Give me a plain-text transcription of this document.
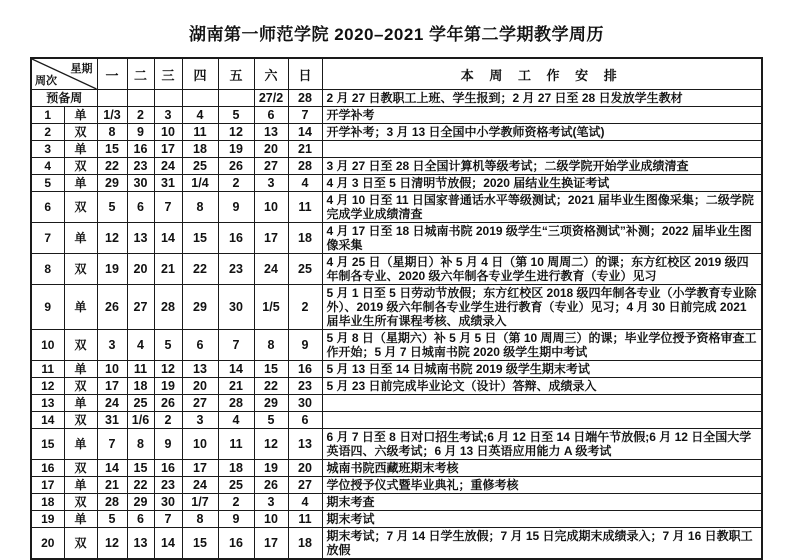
湖南第一师范学院 2020–2021 学年第二学期教学周历
星期
周次		一	二	三	四	五	六	日	本 周 工 作 安 排
预备周							27/2	28	2 月 27 日教职工上班、学生报到；2 月 27 日至 28 日发放学生教材
1	单	1/3	2	3	4	5	6	7	开学补考
2	双	8	9	10	11	12	13	14	开学补考；3 月 13 日全国中小学教师资格考试(笔试)
3	单	15	16	17	18	19	20	21	
4	双	22	23	24	25	26	27	28	3 月 27 日至 28 日全国计算机等级考试；二级学院开始学业成绩清查
5	单	29	30	31	1/4	2	3	4	4 月 3 日至 5 日清明节放假；2020 届结业生换证考试
6	双	5	6	7	8	9	10	11	4 月 10 日至 11 日国家普通话水平等级测试；2021 届毕业生图像采集；二级学院完成学业成绩清查
7	单	12	13	14	15	16	17	18	4 月 17 日至 18 日城南书院 2019 级学生“三项资格测试”补测；2022 届毕业生图像采集
8	双	19	20	21	22	23	24	25	4 月 25 日（星期日）补 5 月 4 日（第 10 周周二）的课；东方红校区 2019 级四年制各专业、2020 级六年制各专业学生进行教育（专业）见习
9	单	26	27	28	29	30	1/5	2	5 月 1 日至 5 日劳动节放假；东方红校区 2018 级四年制各专业（小学教育专业除外）、2019 级六年制各专业学生进行教育（专业）见习；4 月 30 日前完成 2021 届毕业生所有课程考核、成绩录入
10	双	3	4	5	6	7	8	9	5 月 8 日（星期六）补 5 月 5 日（第 10 周周三）的课；毕业学位授予资格审查工作开始；5 月 7 日城南书院 2020 级学生期中考试
11	单	10	11	12	13	14	15	16	5 月 13 日至 14 日城南书院 2019 级学生期末考试
12	双	17	18	19	20	21	22	23	5 月 23 日前完成毕业论文（设计）答辩、成绩录入
13	单	24	25	26	27	28	29	30	
14	双	31	1/6	2	3	4	5	6	
15	单	7	8	9	10	11	12	13	6 月 7 日至 8 日对口招生考试;6 月 12 日至 14 日端午节放假;6 月 12 日全国大学英语四、六级考试；6 月 13 日英语应用能力 A 级考试
16	双	14	15	16	17	18	19	20	城南书院西藏班期末考核
17	单	21	22	23	24	25	26	27	学位授予仪式暨毕业典礼；重修考核
18	双	28	29	30	1/7	2	3	4	期末考查
19	单	5	6	7	8	9	10	11	期末考试
20	双	12	13	14	15	16	17	18	期末考试；7 月 14 日学生放假；7 月 15 日完成期末成绩录入；7 月 16 日教职工放假
